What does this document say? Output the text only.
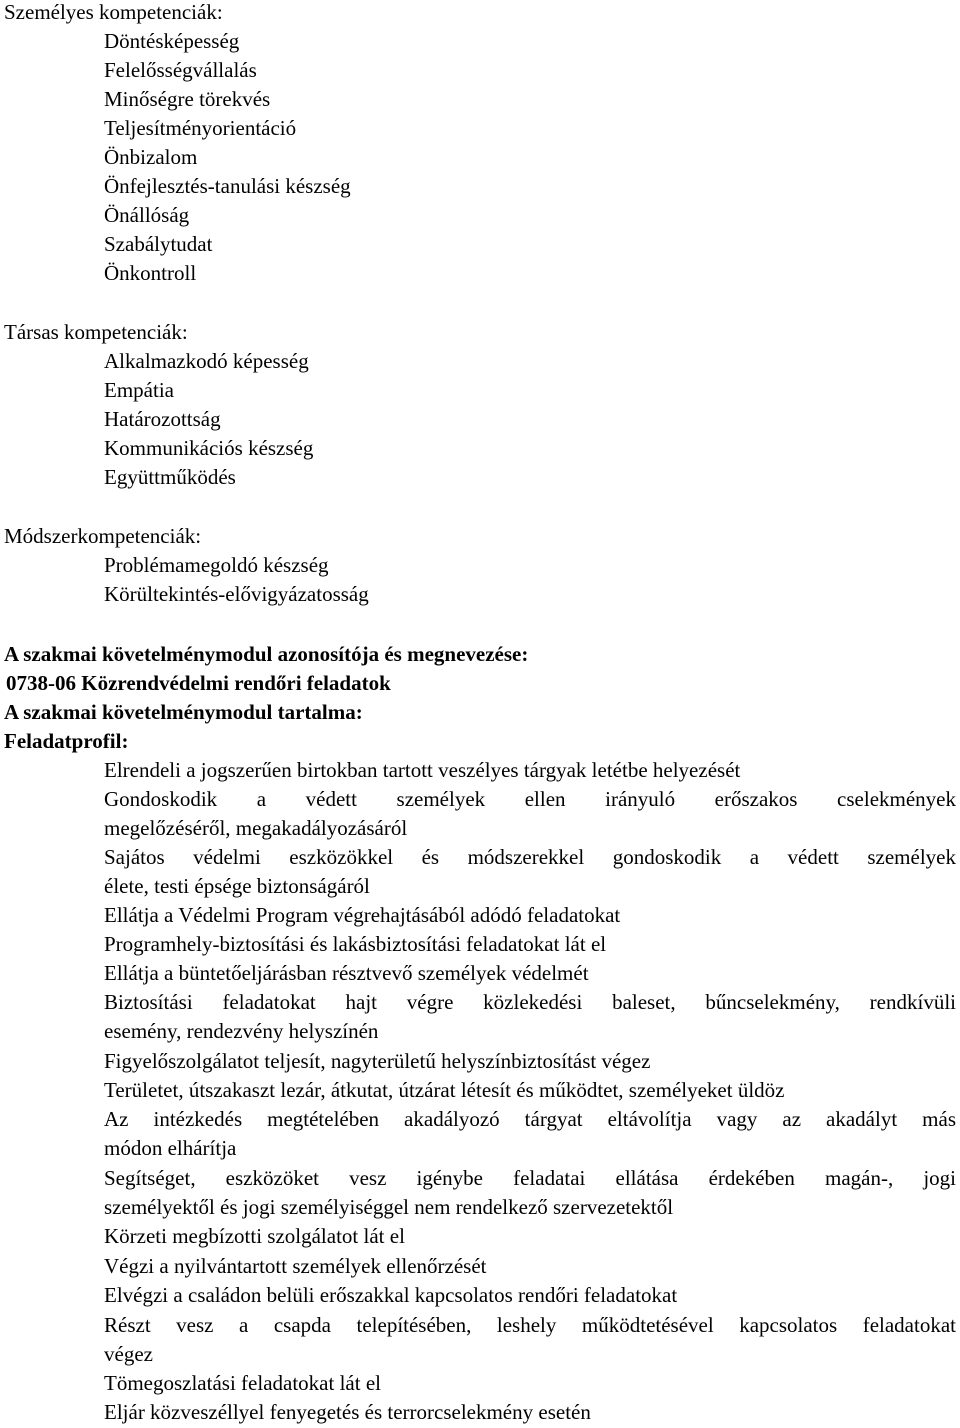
Személyes kompetenciák:
Döntésképesség
Felelősségvállalás
Minőségre törekvés
Teljesítményorientáció
Önbizalom
Önfejlesztés-tanulási készség
Önállóság
Szabálytudat
Önkontroll
Társas kompetenciák:
Alkalmazkodó képesség
Empátia
Határozottság
Kommunikációs készség
Együttműködés
Módszerkompetenciák:
Problémamegoldó készség
Körültekintés-elővigyázatosság
A szakmai követelménymodul azonosítója és megnevezése:
0738-06 Közrendvédelmi rendőri feladatok
A szakmai követelménymodul tartalma:
Feladatprofil:
Elrendeli a jogszerűen birtokban tartott veszélyes tárgyak letétbe helyezését
Gondoskodik a védett személyek ellen irányuló erőszakos cselekmények
megelőzéséről, megakadályozásáról
Sajátos védelmi eszközökkel és módszerekkel gondoskodik a védett személyek
élete, testi épsége biztonságáról
Ellátja a Védelmi Program végrehajtásából adódó feladatokat
Programhely-biztosítási és lakásbiztosítási feladatokat lát el
Ellátja a büntetőeljárásban résztvevő személyek védelmét
Biztosítási feladatokat hajt végre közlekedési baleset, bűncselekmény, rendkívüli
esemény, rendezvény helyszínén
Figyelőszolgálatot teljesít, nagyterületű helyszínbiztosítást végez
Területet, útszakaszt lezár, átkutat, útzárat létesít és működtet, személyeket üldöz
Az intézkedés megtételében akadályozó tárgyat eltávolítja vagy az akadályt más
módon elhárítja
Segítséget, eszközöket vesz igénybe feladatai ellátása érdekében magán-, jogi
személyektől és jogi személyiséggel nem rendelkező szervezetektől
Körzeti megbízotti szolgálatot lát el
Végzi a nyilvántartott személyek ellenőrzését
Elvégzi a családon belüli erőszakkal kapcsolatos rendőri feladatokat
Részt vesz a csapda telepítésében, leshely működtetésével kapcsolatos feladatokat
végez
Tömegoszlatási feladatokat lát el
Eljár közveszéllyel fenyegetés és terrorcselekmény esetén
